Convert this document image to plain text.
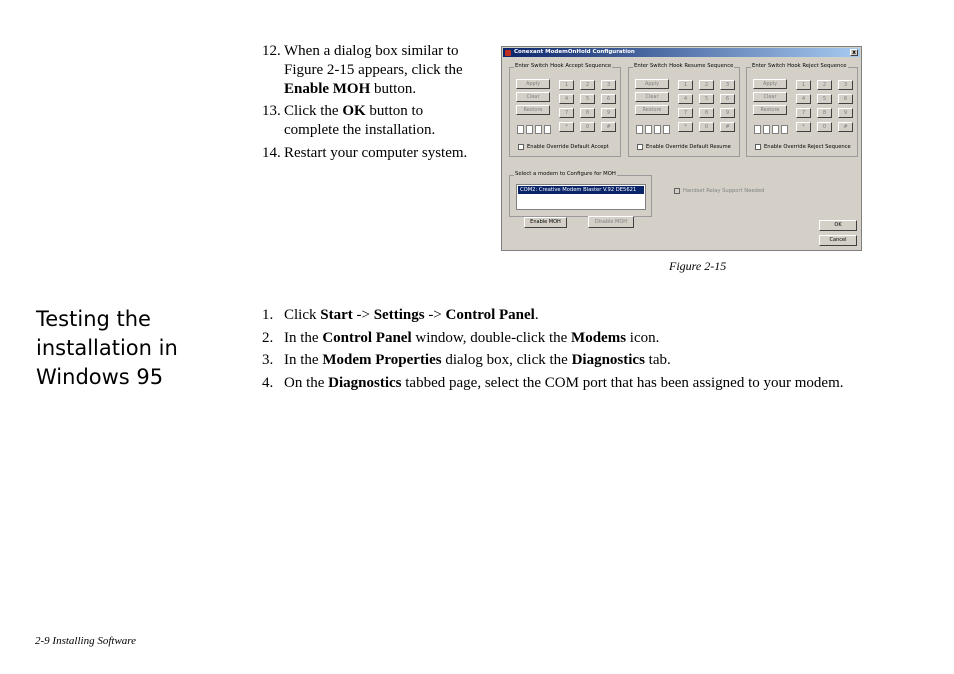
12. When a dialog box similar to
Figure 2-15 appears, click the
Enable MOH button.
13. Click the OK button to
complete the installation.
14. Restart your computer system.
Conexant ModemOnHold Configuration	x
Enter Switch Hook Accept Sequence
Apply
Clear
Restore
1	2	3
4	5	6
7	8	9
*	0	#
Enable Override Default Accept
Enter Switch Hook Resume Sequence
Apply
Clear
Restore
1	2	3
4	5	6
7	8	9
*	0	#
Enable Override Default Resume
Enter Switch Hook Reject Sequence
Apply
Clear
Restore
1	2	3
4	5	6
7	8	9
*	0	#
Enable Override Reject Sequence
Select a modem to Configure for MOH
COM2: Creative Modem Blaster V.92 DE5621
Enable MOH	Disable MOH
Handset Relay Support Needed
OK
Cancel
Figure 2-15
Testing the
installation in
Windows 95
1. Click Start -> Settings -> Control Panel.
2. In the Control Panel window, double-click the Modems icon.
3. In the Modem Properties dialog box, click the Diagnostics tab.
4. On the Diagnostics tabbed page, select the COM port that has been assigned to your modem.
2-9 Installing Software
